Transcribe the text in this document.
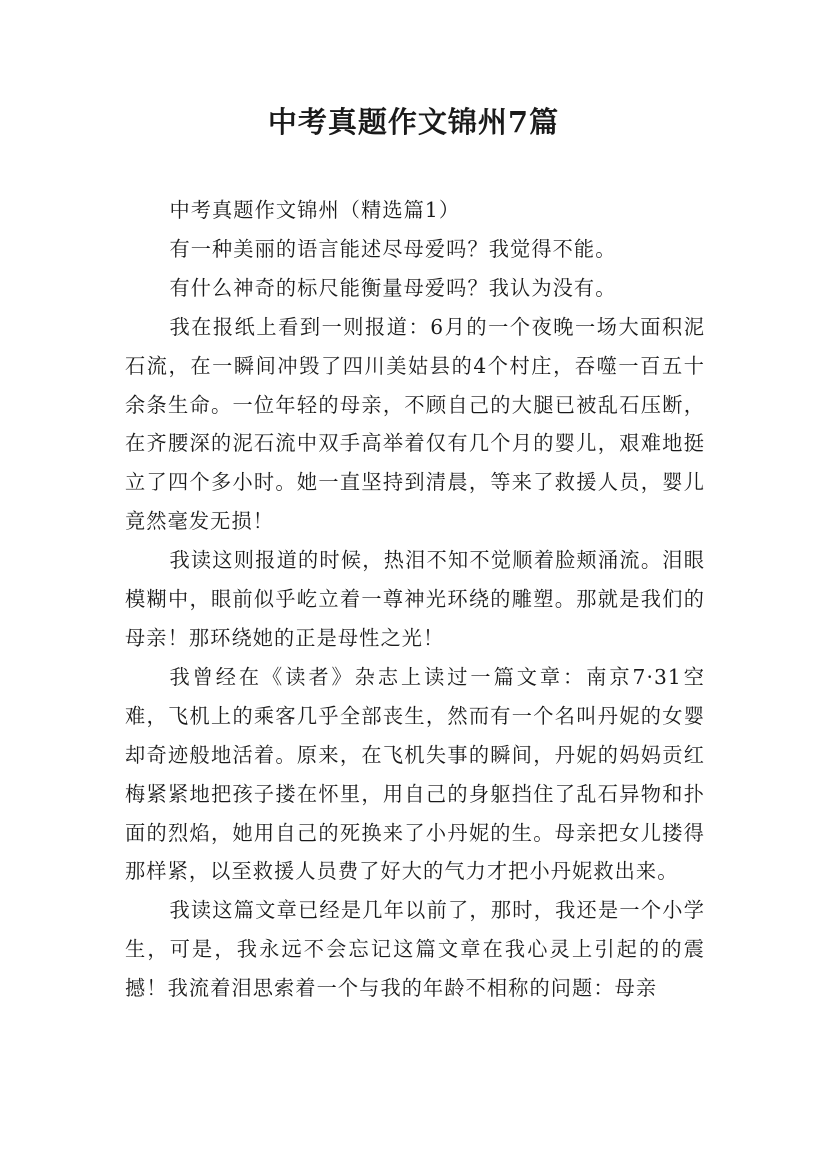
中考真题作文锦州7篇

中考真题作文锦州（精选篇1）

有一种美丽的语言能述尽母爱吗？我觉得不能。

有什么神奇的标尺能衡量母爱吗？我认为没有。

我在报纸上看到一则报道：6月的一个夜晚一场大面积泥石流，在一瞬间冲毁了四川美姑县的4个村庄，吞噬一百五十余条生命。一位年轻的母亲，不顾自己的大腿已被乱石压断，在齐腰深的泥石流中双手高举着仅有几个月的婴儿，艰难地挺立了四个多小时。她一直坚持到清晨，等来了救援人员，婴儿竟然毫发无损！

我读这则报道的时候，热泪不知不觉顺着脸颊涌流。泪眼模糊中，眼前似乎屹立着一尊神光环绕的雕塑。那就是我们的母亲！那环绕她的正是母性之光！

我曾经在《读者》杂志上读过一篇文章：南京7·31空难，飞机上的乘客几乎全部丧生，然而有一个名叫丹妮的女婴却奇迹般地活着。原来，在飞机失事的瞬间，丹妮的妈妈贡红梅紧紧地把孩子搂在怀里，用自己的身躯挡住了乱石异物和扑面的烈焰，她用自己的死换来了小丹妮的生。母亲把女儿搂得那样紧，以至救援人员费了好大的气力才把小丹妮救出来。

我读这篇文章已经是几年以前了，那时，我还是一个小学生，可是，我永远不会忘记这篇文章在我心灵上引起的的震撼！我流着泪思索着一个与我的年龄不相称的问题：母亲
